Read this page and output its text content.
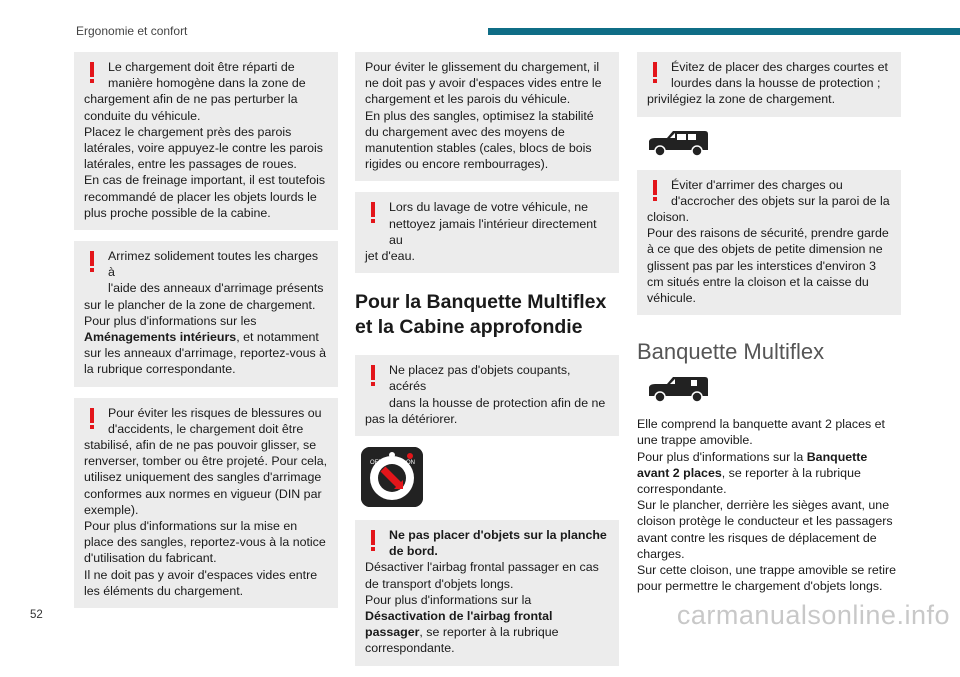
Ergonomie et confort

Le chargement doit être réparti de

manière homogène dans la zone de

chargement afin de ne pas perturber la conduite du véhicule.

Placez le chargement près des parois latérales, voire appuyez-le contre les parois latérales, entre les passages de roues.

En cas de freinage important, il est toutefois recommandé de placer les objets lourds le plus proche possible de la cabine.

Arrimez solidement toutes les charges à

l'aide des anneaux d'arrimage présents

sur le plancher de la zone de chargement.

Pour plus d'informations sur les Aménagements intérieurs, et notamment sur les anneaux d'arrimage, reportez-vous à la rubrique correspondante.

Pour éviter les risques de blessures ou

d'accidents, le chargement doit être

stabilisé, afin de ne pas pouvoir glisser, se renverser, tomber ou être projeté. Pour cela, utilisez uniquement des sangles d'arrimage conformes aux normes en vigueur (DIN par exemple).

Pour plus d'informations sur la mise en place des sangles, reportez-vous à la notice d'utilisation du fabricant.

Il ne doit pas y avoir d'espaces vides entre les éléments du chargement.

Pour éviter le glissement du chargement, il ne doit pas y avoir d'espaces vides entre le chargement et les parois du véhicule.

En plus des sangles, optimisez la stabilité du chargement avec des moyens de manutention stables (cales, blocs de bois rigides ou encore rembourrages).

Lors du lavage de votre véhicule, ne

nettoyez jamais l'intérieur directement au

jet d'eau.

Pour la Banquette Multiflex et la Cabine approfondie

Ne placez pas d'objets coupants, acérés

dans la housse de protection afin de ne

pas la détériorer.

OFF	ON

Ne pas placer d'objets sur la planche

de bord.

Désactiver l'airbag frontal passager en cas de transport d'objets longs.

Pour plus d'informations sur la Désactivation de l'airbag frontal passager, se reporter à la rubrique correspondante.

Évitez de placer des charges courtes et

lourdes dans la housse de protection ;

privilégiez la zone de chargement.

Éviter d'arrimer des charges ou

d'accrocher des objets sur la paroi de la

cloison.

Pour des raisons de sécurité, prendre garde à ce que des objets de petite dimension ne glissent pas par les interstices d'environ 3 cm situés entre la cloison et la caisse du véhicule.

Banquette Multiflex

Elle comprend la banquette avant 2 places et une trappe amovible.

Pour plus d'informations sur la Banquette avant 2 places, se reporter à la rubrique correspondante.

Sur le plancher, derrière les sièges avant, une cloison protège le conducteur et les passagers avant contre les risques de déplacement de charges.

Sur cette cloison, une trappe amovible se retire pour permettre le chargement d'objets longs.

52	carmanualsonline.info
